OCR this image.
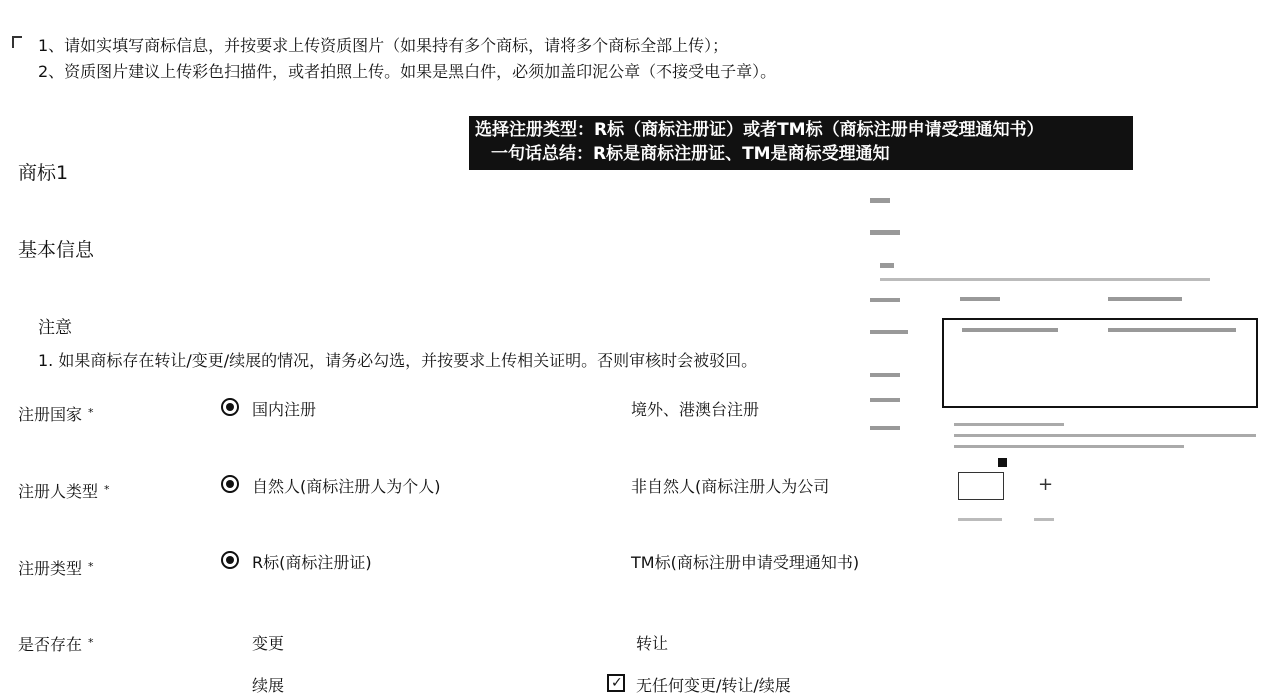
1、请如实填写商标信息，并按要求上传资质图片（如果持有多个商标，请将多个商标全部上传）；
2、资质图片建议上传彩色扫描件，或者拍照上传。如果是黑白件，必须加盖印泥公章（不接受电子章）。
选择注册类型：R标（商标注册证）或者TM标（商标注册申请受理通知书）
一句话总结：R标是商标注册证、TM是商标受理通知
商标1
基本信息
注意
1. 如果商标存在转让/变更/续展的情况，请务必勾选，并按要求上传相关证明。否则审核时会被驳回。
注册国家 *	国内注册	境外、港澳台注册
注册人类型 *	自然人(商标注册人为个人)	非自然人(商标注册人为公司
注册类型 *	R标(商标注册证)	TM标(商标注册申请受理通知书)
是否存在 *	变更	转让
续展	✓ 无任何变更/转让/续展
+
